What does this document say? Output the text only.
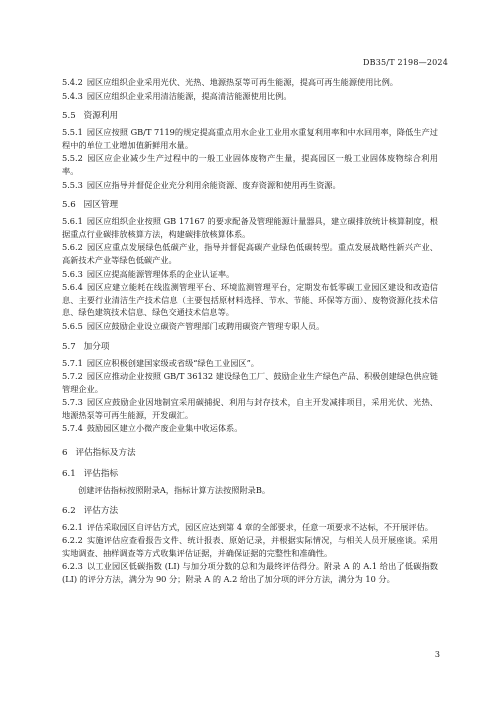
DB35/T 2198—2024

5.4.2 园区应组织企业采用光伏、光热、地源热泵等可再生能源，提高可再生能源使用比例。

5.4.3 园区应组织企业采用清洁能源，提高清洁能源使用比例。

5.5 资源利用

5.5.1 园区应按照 GB/T 7119的规定提高重点用水企业工业用水重复利用率和中水回用率，降低生产过程中的单位工业增加值新鲜用水量。

5.5.2 园区应企业减少生产过程中的一般工业固体废物产生量，提高园区一般工业固体废物综合利用率。

5.5.3 园区应指导并督促企业充分利用余能资源、废弃资源和使用再生资源。

5.6 园区管理

5.6.1 园区应组织企业按照 GB 17167 的要求配备及管理能源计量器具，建立碳排放统计核算制度，根据重点行业碳排放核算方法，构建碳排放核算体系。

5.6.2 园区应重点发展绿色低碳产业，指导并督促高碳产业绿色低碳转型。重点发展战略性新兴产业、高新技术产业等绿色低碳产业。

5.6.3 园区应提高能源管理体系的企业认证率。

5.6.4 园区应建立能耗在线监测管理平台、环境监测管理平台，定期发布低零碳工业园区建设和改造信息、主要行业清洁生产技术信息（主要包括原材料选择、节水、节能、环保等方面）、废物资源化技术信息、绿色建筑技术信息、绿色交通技术信息等。

5.6.5 园区应鼓励企业设立碳资产管理部门或聘用碳资产管理专职人员。

5.7 加分项

5.7.1 园区应积极创建国家级或省级“绿色工业园区”。

5.7.2 园区应推动企业按照 GB/T 36132 建设绿色工厂、鼓励企业生产绿色产品、积极创建绿色供应链管理企业。

5.7.3 园区应鼓励企业因地制宜采用碳捕捉、利用与封存技术，自主开发减排项目，采用光伏、光热、地源热泵等可再生能源，开发碳汇。

5.7.4 鼓励园区建立小微产废企业集中收运体系。

6 评估指标及方法
6.1 评估指标

创建评估指标按照附录A，指标计算方法按照附录B。

6.2 评估方法

6.2.1 评估采取园区自评估方式，园区应达到第 4 章的全部要求，任意一项要求不达标，不开展评估。

6.2.2 实施评估应查看报告文件、统计报表、原始记录，并根据实际情况，与相关人员开展座谈。采用实地调查、抽样调查等方式收集评估证据，并确保证据的完整性和准确性。

6.2.3 以工业园区低碳指数 (LI) 与加分项分数的总和为最终评估得分。附录 A 的 A.1 给出了低碳指数 (LI) 的评分方法，满分为 90 分；附录 A 的 A.2 给出了加分项的评分方法，满分为 10 分。

3
